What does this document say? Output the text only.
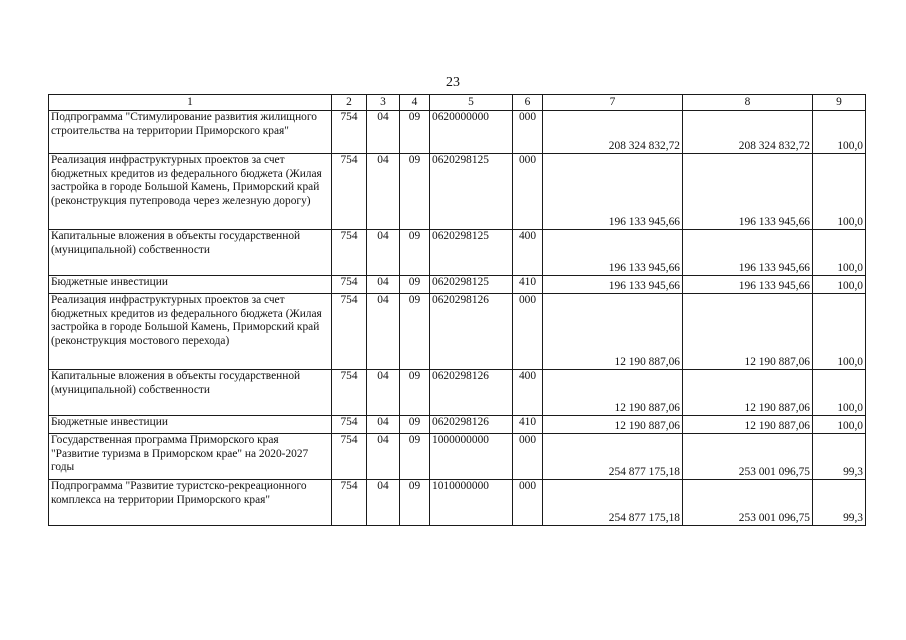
23
1	2	3	4	5	6	7	8	9
Подпрограмма "Стимулирование развития жилищного строительства на территории Приморского края"	754	04	09	0620000000	000	208 324 832,72	208 324 832,72	100,0
Реализация инфраструктурных проектов за счет бюджетных кредитов из федерального бюджета (Жилая застройка в городе Большой Камень, Приморский край (реконструкция путепровода через железную дорогу)	754	04	09	0620298125	000	196 133 945,66	196 133 945,66	100,0
Капитальные вложения в объекты государственной (муниципальной) собственности	754	04	09	0620298125	400	196 133 945,66	196 133 945,66	100,0
Бюджетные инвестиции	754	04	09	0620298125	410	196 133 945,66	196 133 945,66	100,0
Реализация инфраструктурных проектов за счет бюджетных кредитов из федерального бюджета (Жилая застройка в городе Большой Камень, Приморский край (реконструкция мостового перехода)	754	04	09	0620298126	000	12 190 887,06	12 190 887,06	100,0
Капитальные вложения в объекты государственной (муниципальной) собственности	754	04	09	0620298126	400	12 190 887,06	12 190 887,06	100,0
Бюджетные инвестиции	754	04	09	0620298126	410	12 190 887,06	12 190 887,06	100,0
Государственная программа Приморского края "Развитие туризма в Приморском крае" на 2020-2027 годы	754	04	09	1000000000	000	254 877 175,18	253 001 096,75	99,3
Подпрограмма "Развитие туристско-рекреационного комплекса на территории Приморского края"	754	04	09	1010000000	000	254 877 175,18	253 001 096,75	99,3
